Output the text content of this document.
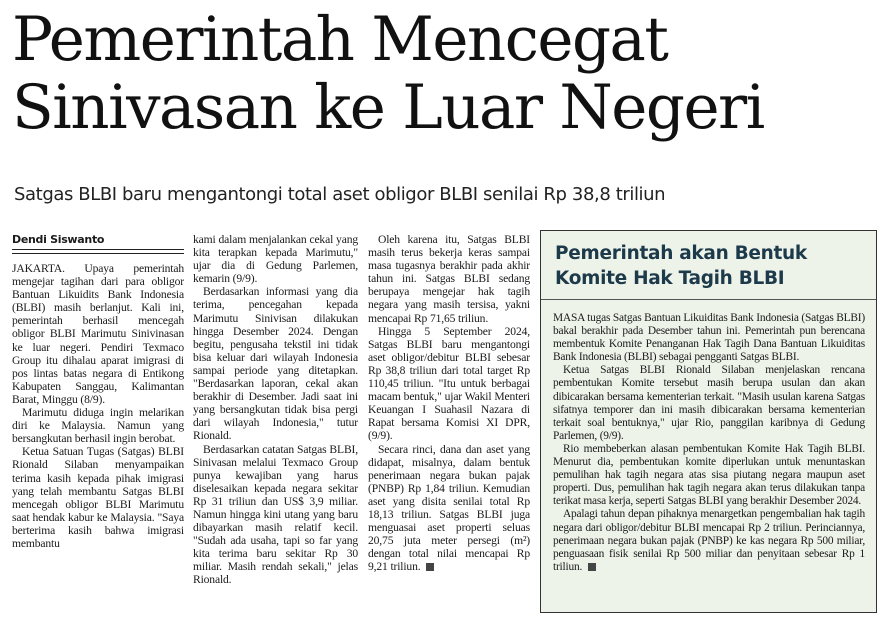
Pemerintah Mencegat
Sinivasan ke Luar Negeri
Satgas BLBI baru mengantongi total aset obligor BLBI senilai Rp 38,8 triliun
Dendi Siswanto

JAKARTA. Upaya pemerintah mengejar tagihan dari para obligor Bantuan Likuidits Bank Indonesia (BLBI) masih berlanjut. Kali ini, pemerintah berhasil mencegah obligor BLBI Marimutu Sinivinasan ke luar negeri. Pendiri Texmaco Group itu dihalau aparat imigrasi di pos lintas batas negara di Entikong Kabupaten Sanggau, Kalimantan Barat, Minggu (8/9).

Marimutu diduga ingin melarikan diri ke Malaysia. Namun yang bersangkutan berhasil ingin berobat.

Ketua Satuan Tugas (Satgas) BLBI Rionald Silaban menyampaikan terima kasih kepada pihak imigrasi yang telah membantu Satgas BLBI mencegah obligor BLBI Marimutu saat hendak kabur ke Malaysia. "Saya berterima kasih bahwa imigrasi membantu

kami dalam menjalankan cekal yang kita terapkan kepada Marimutu," ujar dia di Gedung Parlemen, kemarin (9/9).

Berdasarkan informasi yang dia terima, pencegahan kepada Marimutu Sinivisan dilakukan hingga Desember 2024. Dengan begitu, pengusaha tekstil ini tidak bisa keluar dari wilayah Indonesia sampai periode yang ditetapkan. "Berdasarkan laporan, cekal akan berakhir di Desember. Jadi saat ini yang bersangkutan tidak bisa pergi dari wilayah Indonesia," tutur Rionald.

Berdasarkan catatan Satgas BLBI, Sinivasan melalui Texmaco Group punya kewajiban yang harus diselesaikan kepada negara sekitar Rp 31 triliun dan US$ 3,9 miliar. Namun hingga kini utang yang baru dibayarkan masih relatif kecil. "Sudah ada usaha, tapi so far yang kita terima baru sekitar Rp 30 miliar. Masih rendah sekali," jelas Rionald.

Oleh karena itu, Satgas BLBI masih terus bekerja keras sampai masa tugasnya berakhir pada akhir tahun ini. Satgas BLBI sedang berupaya mengejar hak tagih negara yang masih tersisa, yakni mencapai Rp 71,65 triliun.

Hingga 5 September 2024, Satgas BLBI baru mengantongi aset obligor/debitur BLBI sebesar Rp 38,8 triliun dari total target Rp 110,45 triliun. "Itu untuk berbagai macam bentuk," ujar Wakil Menteri Keuangan I Suahasil Nazara di Rapat bersama Komisi XI DPR, (9/9).

Secara rinci, dana dan aset yang didapat, misalnya, dalam bentuk penerimaan negara bukan pajak (PNBP) Rp 1,84 triliun. Kemudian aset yang disita senilai total Rp 18,13 triliun. Satgas BLBI juga menguasai aset properti seluas 20,75 juta meter persegi (m²) dengan total nilai mencapai Rp 9,21 triliun.

Pemerintah akan Bentuk
Komite Hak Tagih BLBI

MASA tugas Satgas Bantuan Likuiditas Bank Indonesia (Satgas BLBI) bakal berakhir pada Desember tahun ini. Pemerintah pun berencana membentuk Komite Penanganan Hak Tagih Dana Bantuan Likuiditas Bank Indonesia (BLBI) sebagai pengganti Satgas BLBI.

Ketua Satgas BLBI Rionald Silaban menjelaskan rencana pembentukan Komite tersebut masih berupa usulan dan akan dibicarakan bersama kementerian terkait. "Masih usulan karena Satgas sifatnya temporer dan ini masih dibicarakan bersama kementerian terkait soal bentuknya," ujar Rio, panggilan karibnya di Gedung Parlemen, (9/9).

Rio membeberkan alasan pembentukan Komite Hak Tagih BLBI. Menurut dia, pembentukan komite diperlukan untuk menuntaskan pemulihan hak tagih negara atas sisa piutang negara maupun aset properti. Dus, pemulihan hak tagih negara akan terus dilakukan tanpa terikat masa kerja, seperti Satgas BLBI yang berakhir Desember 2024.

Apalagi tahun depan pihaknya menargetkan pengembalian hak tagih negara dari obligor/debitur BLBI mencapai Rp 2 triliun. Perinciannya, penerimaan negara bukan pajak (PNBP) ke kas negara Rp 500 miliar, penguasaan fisik senilai Rp 500 miliar dan penyitaan sebesar Rp 1 triliun.
